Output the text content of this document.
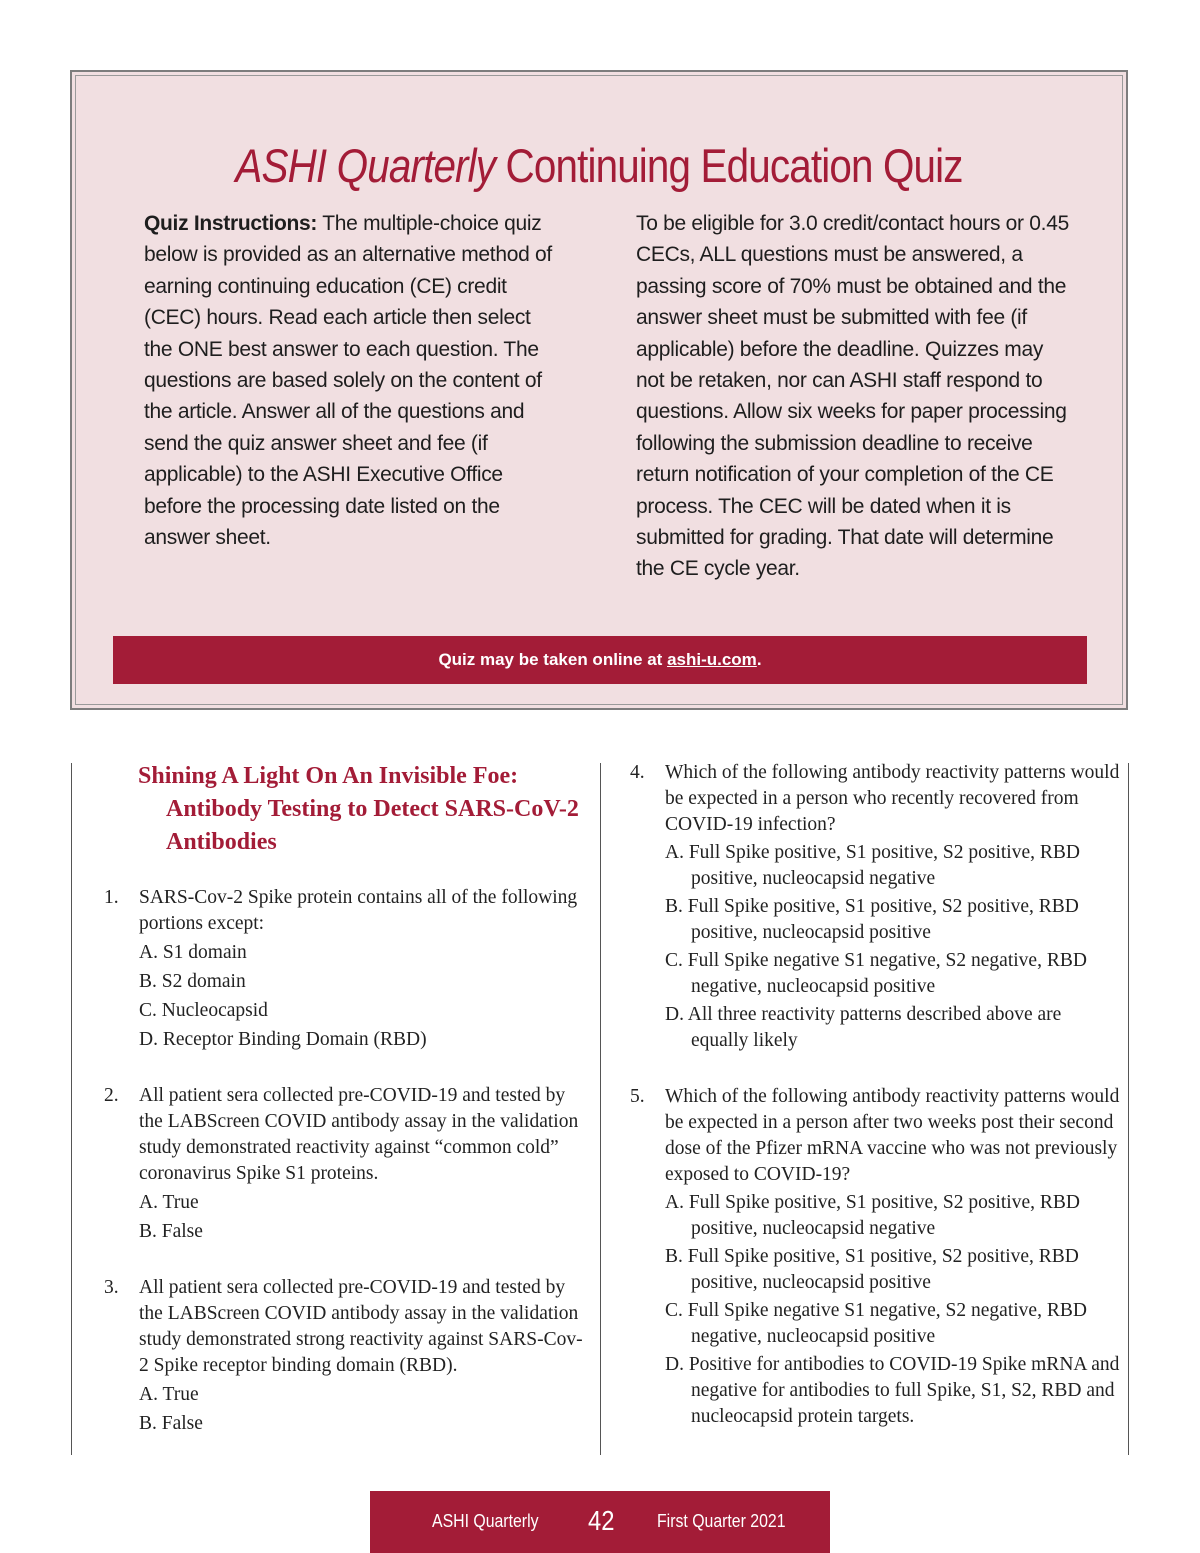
ASHI Quarterly Continuing Education Quiz
Quiz Instructions: The multiple-choice quiz below is provided as an alternative method of earning continuing education (CE) credit (CEC) hours. Read each article then select the ONE best answer to each question. The questions are based solely on the content of the article. Answer all of the questions and send the quiz answer sheet and fee (if applicable) to the ASHI Executive Office before the processing date listed on the answer sheet.
To be eligible for 3.0 credit/contact hours or 0.45 CECs, ALL questions must be answered, a passing score of 70% must be obtained and the answer sheet must be submitted with fee (if applicable) before the deadline. Quizzes may not be retaken, nor can ASHI staff respond to questions. Allow six weeks for paper processing following the submission deadline to receive return notification of your completion of the CE process. The CEC will be dated when it is submitted for grading. That date will determine the CE cycle year.
Quiz may be taken online at ashi-u.com.
Shining A Light On An Invisible Foe: Antibody Testing to Detect SARS-CoV-2 Antibodies
1. SARS-Cov-2 Spike protein contains all of the following portions except:
A. S1 domain
B. S2 domain
C. Nucleocapsid
D. Receptor Binding Domain (RBD)
2. All patient sera collected pre-COVID-19 and tested by the LABScreen COVID antibody assay in the validation study demonstrated reactivity against “common cold” coronavirus Spike S1 proteins.
A. True
B. False
3. All patient sera collected pre-COVID-19 and tested by the LABScreen COVID antibody assay in the validation study demonstrated strong reactivity against SARS-Cov-2 Spike receptor binding domain (RBD).
A. True
B. False
4. Which of the following antibody reactivity patterns would be expected in a person who recently recovered from COVID-19 infection?
A. Full Spike positive, S1 positive, S2 positive, RBD positive, nucleocapsid negative
B. Full Spike positive, S1 positive, S2 positive, RBD positive, nucleocapsid positive
C. Full Spike negative S1 negative, S2 negative, RBD negative, nucleocapsid positive
D. All three reactivity patterns described above are equally likely
5. Which of the following antibody reactivity patterns would be expected in a person after two weeks post their second dose of the Pfizer mRNA vaccine who was not previously exposed to COVID-19?
A. Full Spike positive, S1 positive, S2 positive, RBD positive, nucleocapsid negative
B. Full Spike positive, S1 positive, S2 positive, RBD positive, nucleocapsid positive
C. Full Spike negative S1 negative, S2 negative, RBD negative, nucleocapsid positive
D. Positive for antibodies to COVID-19 Spike mRNA and negative for antibodies to full Spike, S1, S2, RBD and nucleocapsid protein targets.
ASHI Quarterly 42 First Quarter 2021
